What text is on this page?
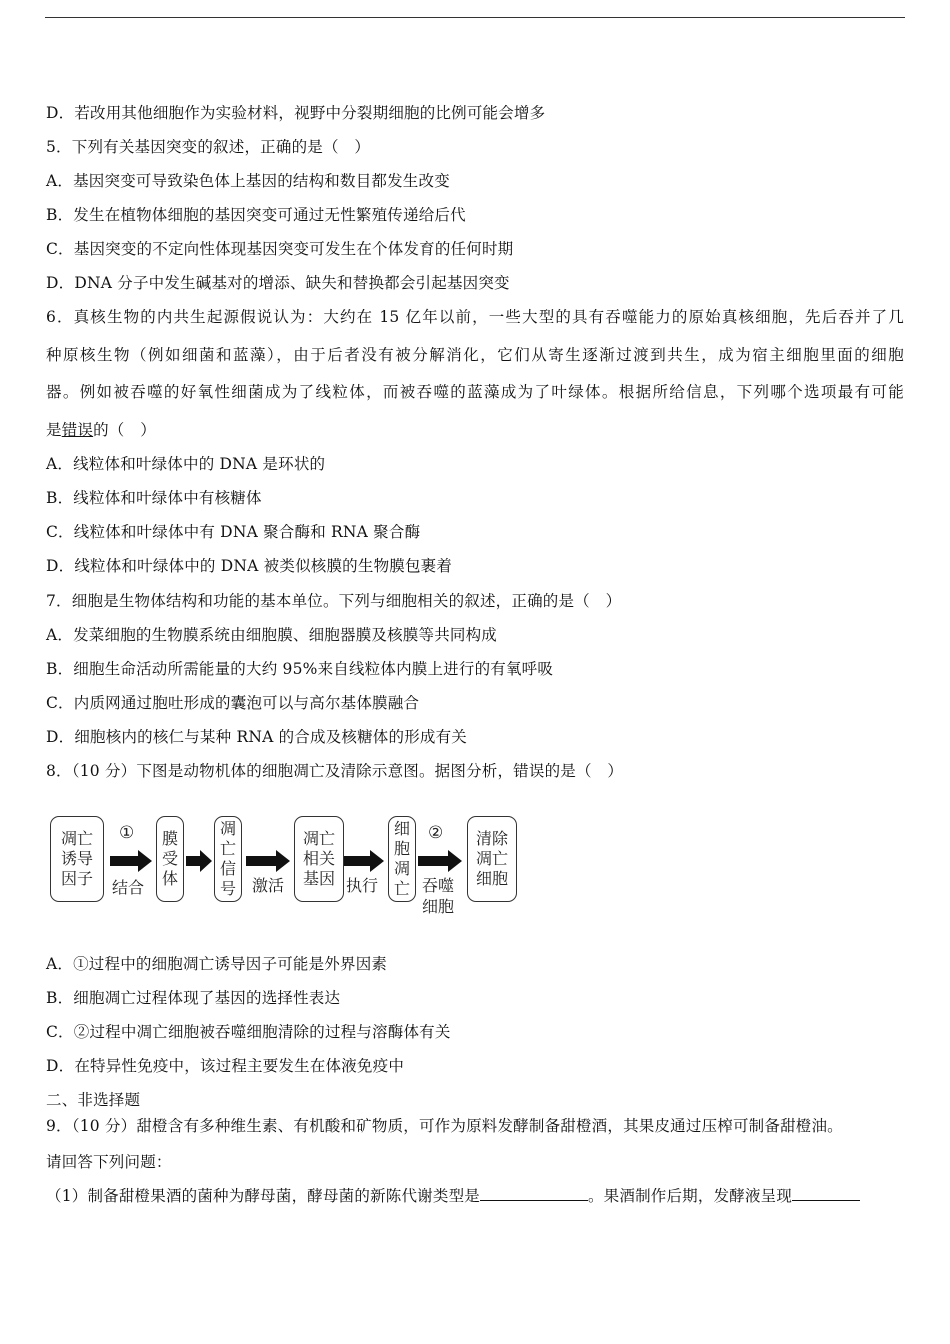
D．若改用其他细胞作为实验材料，视野中分裂期细胞的比例可能会增多
5．下列有关基因突变的叙述，正确的是（　）
A．基因突变可导致染色体上基因的结构和数目都发生改变
B．发生在植物体细胞的基因突变可通过无性繁殖传递给后代
C．基因突变的不定向性体现基因突变可发生在个体发育的任何时期
D．DNA 分子中发生碱基对的增添、缺失和替换都会引起基因突变
6．真核生物的内共生起源假说认为：大约在 15 亿年以前，一些大型的具有吞噬能力的原始真核细胞，先后吞并了几
种原核生物（例如细菌和蓝藻），由于后者没有被分解消化，它们从寄生逐渐过渡到共生，成为宿主细胞里面的细胞
器。例如被吞噬的好氧性细菌成为了线粒体，而被吞噬的蓝藻成为了叶绿体。根据所给信息，下列哪个选项最有可能
是错误的（　）
A．线粒体和叶绿体中的 DNA 是环状的
B．线粒体和叶绿体中有核糖体
C．线粒体和叶绿体中有 DNA 聚合酶和 RNA 聚合酶
D．线粒体和叶绿体中的 DNA 被类似核膜的生物膜包裹着
7．细胞是生物体结构和功能的基本单位。下列与细胞相关的叙述，正确的是（　）
A．发菜细胞的生物膜系统由细胞膜、细胞器膜及核膜等共同构成
B．细胞生命活动所需能量的大约 95%来自线粒体内膜上进行的有氧呼吸
C．内质网通过胞吐形成的囊泡可以与高尔基体膜融合
D．细胞核内的核仁与某种 RNA 的合成及核糖体的形成有关
8．（10 分）下图是动物机体的细胞凋亡及清除示意图。据图分析，错误的是（　）
凋亡
诱导
因子
①
结合
膜
受
体
凋
亡
信
号 激活
凋亡
相关
基因 执行
细
胞
凋
亡
②
吞噬
细胞
清除
凋亡
细胞
A．①过程中的细胞凋亡诱导因子可能是外界因素
B．细胞凋亡过程体现了基因的选择性表达
C．②过程中凋亡细胞被吞噬细胞清除的过程与溶酶体有关
D．在特异性免疫中，该过程主要发生在体液免疫中
二、非选择题
9．（10 分）甜橙含有多种维生素、有机酸和矿物质，可作为原料发酵制备甜橙酒，其果皮通过压榨可制备甜橙油。
请回答下列问题：
（1）制备甜橙果酒的菌种为酵母菌，酵母菌的新陈代谢类型是	。果酒制作后期，发酵液呈现
